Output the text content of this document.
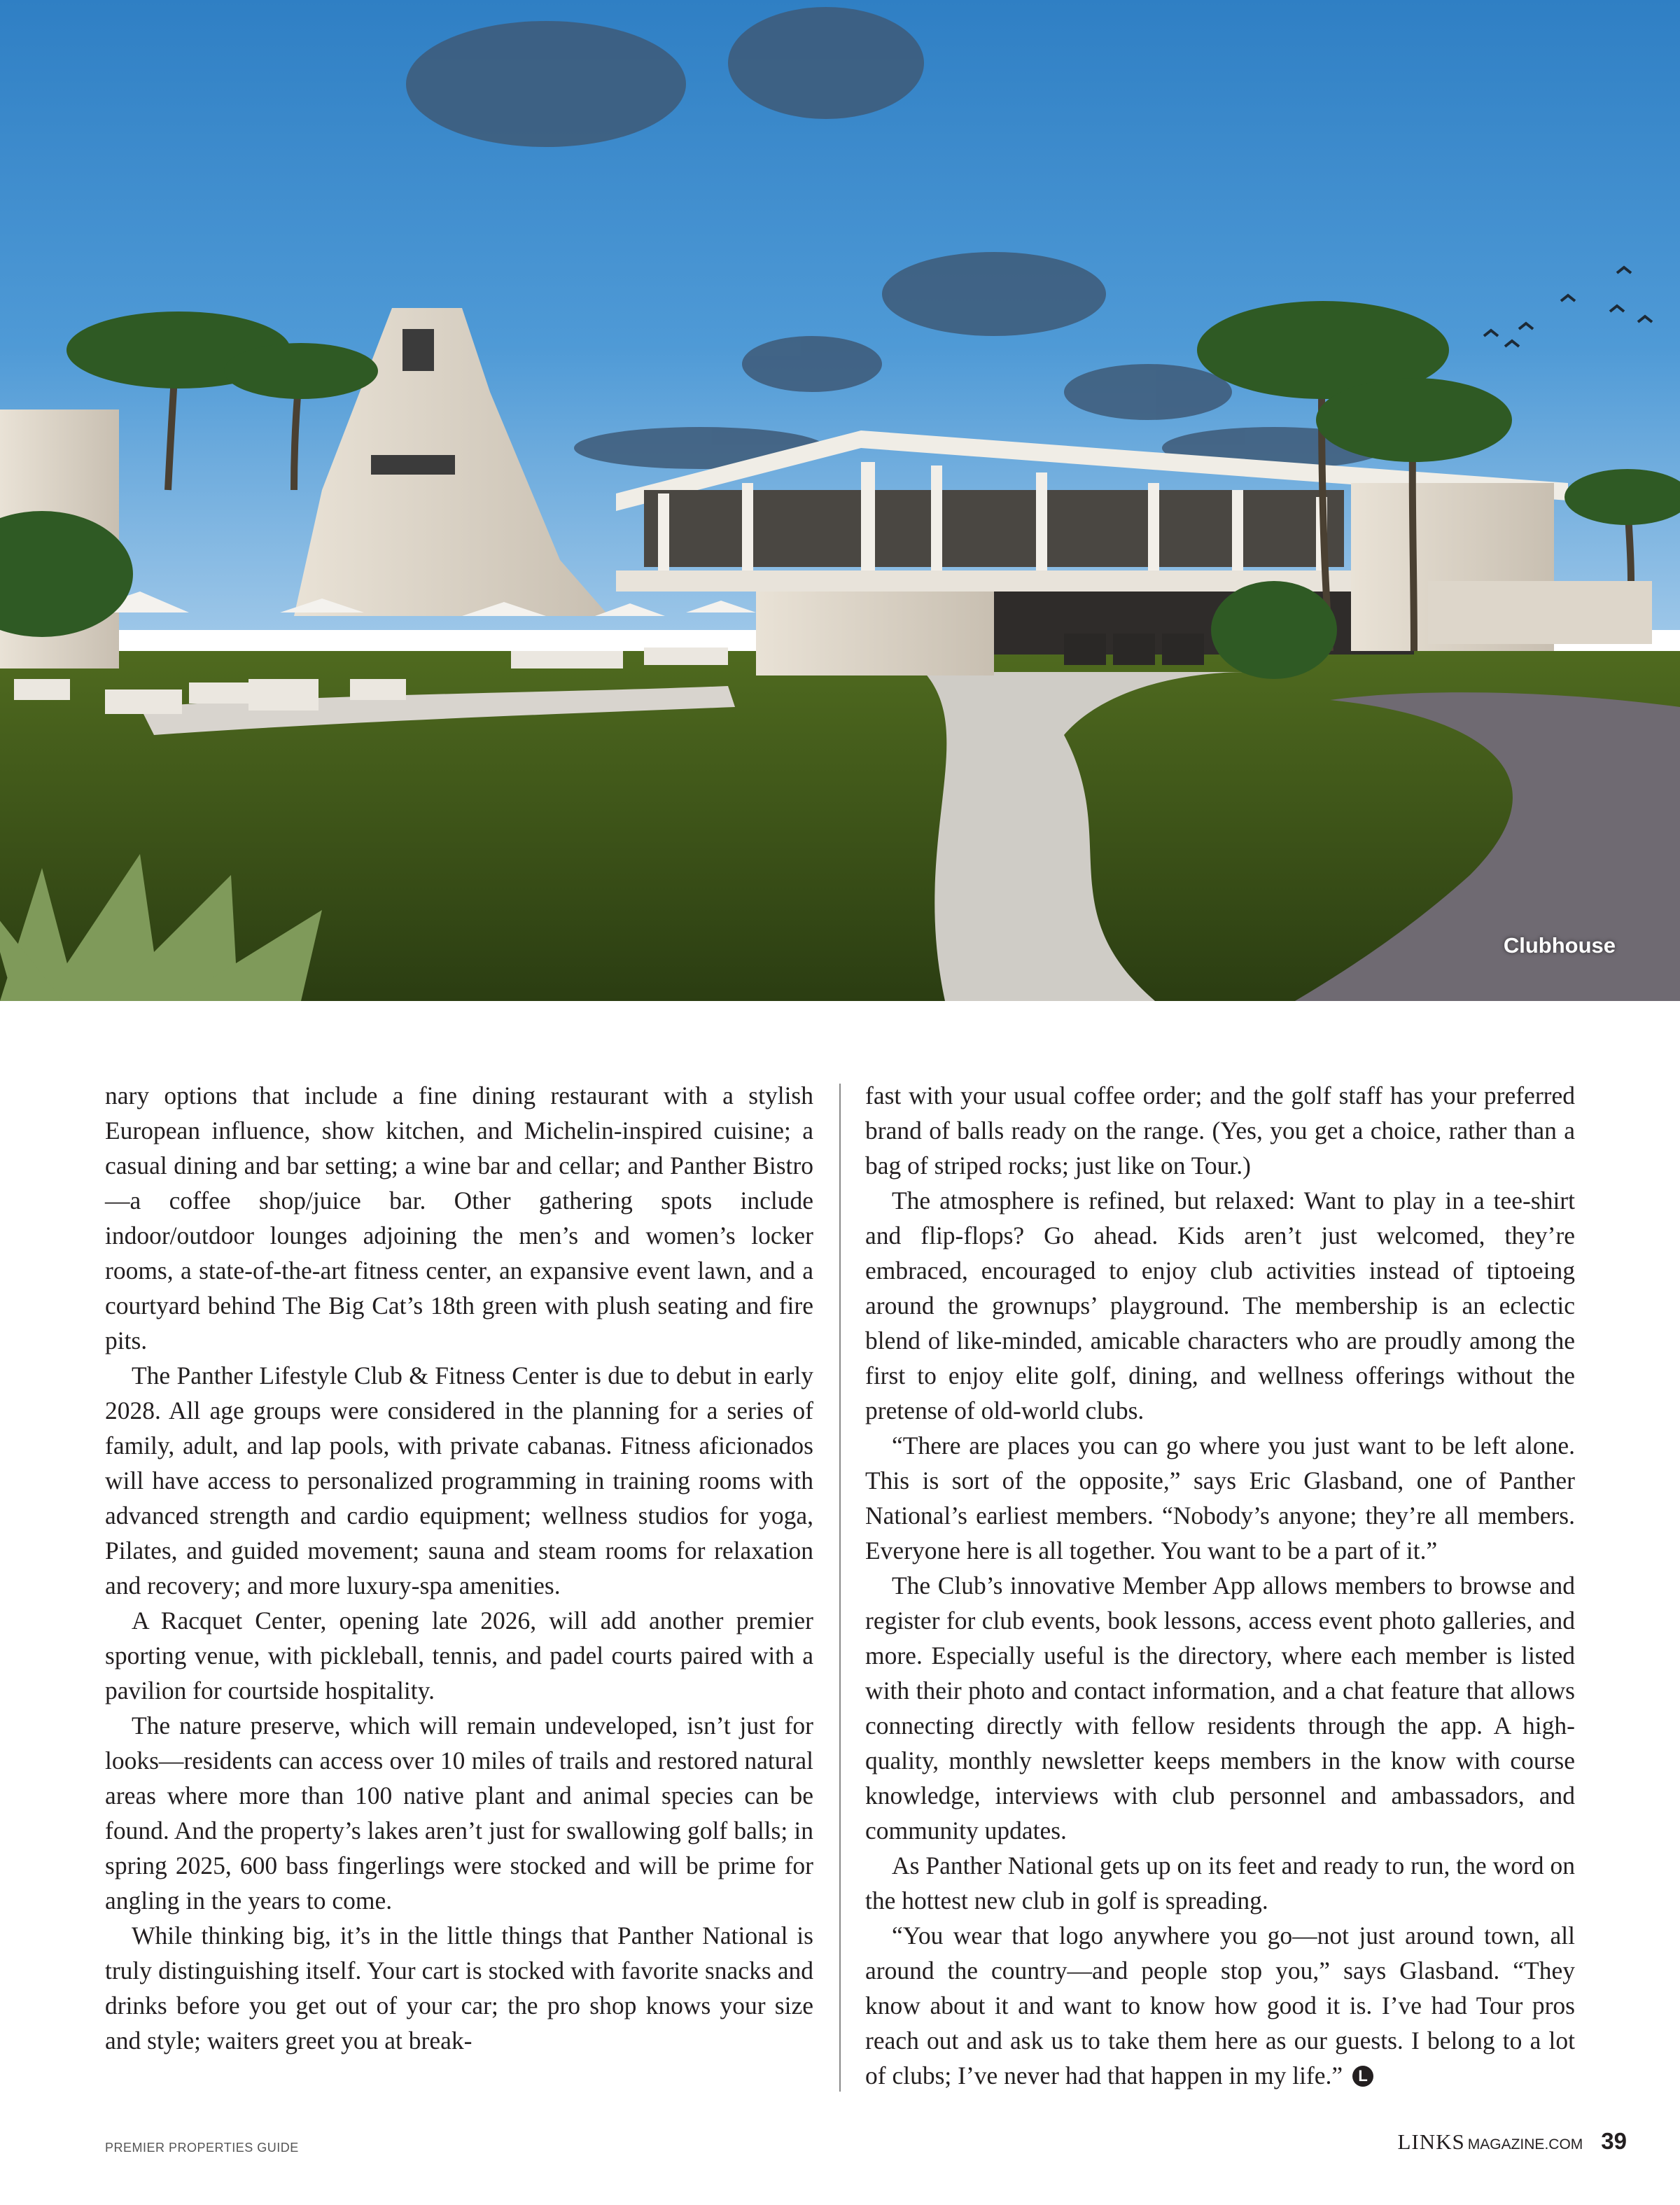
Clubhouse

nary options that include a fine dining restaurant with a stylish European influence, show kitchen, and Michelin-inspired cuisine; a casual dining and bar setting; a wine bar and cellar; and Panther Bistro—a coffee shop/juice bar. Other gathering spots include indoor/outdoor lounges adjoining the men’s and women’s locker rooms, a state-of-the-art fitness center, an expansive event lawn, and a courtyard behind The Big Cat’s 18th green with plush seating and fire pits.

The Panther Lifestyle Club & Fitness Center is due to debut in early 2028. All age groups were considered in the planning for a series of family, adult, and lap pools, with private cabanas. Fitness aficionados will have access to personalized programming in training rooms with advanced strength and cardio equipment; wellness studios for yoga, Pilates, and guided movement; sauna and steam rooms for relaxation and recovery; and more luxury-spa amenities.

A Racquet Center, opening late 2026, will add another premier sporting venue, with pickleball, tennis, and padel courts paired with a pavilion for courtside hospitality.

The nature preserve, which will remain undeveloped, isn’t just for looks—residents can access over 10 miles of trails and restored natural areas where more than 100 native plant and animal species can be found. And the property’s lakes aren’t just for swallowing golf balls; in spring 2025, 600 bass fingerlings were stocked and will be prime for angling in the years to come.

While thinking big, it’s in the little things that Panther National is truly distinguishing itself. Your cart is stocked with favorite snacks and drinks before you get out of your car; the pro shop knows your size and style; waiters greet you at break-

fast with your usual coffee order; and the golf staff has your preferred brand of balls ready on the range. (Yes, you get a choice, rather than a bag of striped rocks; just like on Tour.)

The atmosphere is refined, but relaxed: Want to play in a tee-shirt and flip-flops? Go ahead. Kids aren’t just welcomed, they’re embraced, encouraged to enjoy club activities instead of tiptoeing around the grownups’ playground. The membership is an eclectic blend of like-minded, amicable characters who are proudly among the first to enjoy elite golf, dining, and wellness offerings without the pretense of old-world clubs.

“There are places you can go where you just want to be left alone. This is sort of the opposite,” says Eric Glasband, one of Panther National’s earliest members. “Nobody’s anyone; they’re all members. Everyone here is all together. You want to be a part of it.”

The Club’s innovative Member App allows members to browse and register for club events, book lessons, access event photo galleries, and more. Especially useful is the directory, where each member is listed with their photo and contact information, and a chat feature that allows connecting directly with fellow residents through the app. A high-quality, monthly newsletter keeps members in the know with course knowledge, interviews with club personnel and ambassadors, and community updates.

As Panther National gets up on its feet and ready to run, the word on the hottest new club in golf is spreading.

“You wear that logo anywhere you go—not just around town, all around the country—and people stop you,” says Glasband. “They know about it and want to know how good it is. I’ve had Tour pros reach out and ask us to take them here as our guests. I belong to a lot of clubs; I’ve never had that happen in my life.” L

PREMIER PROPERTIES GUIDE	LINKS MAGAZINE.COM 39
